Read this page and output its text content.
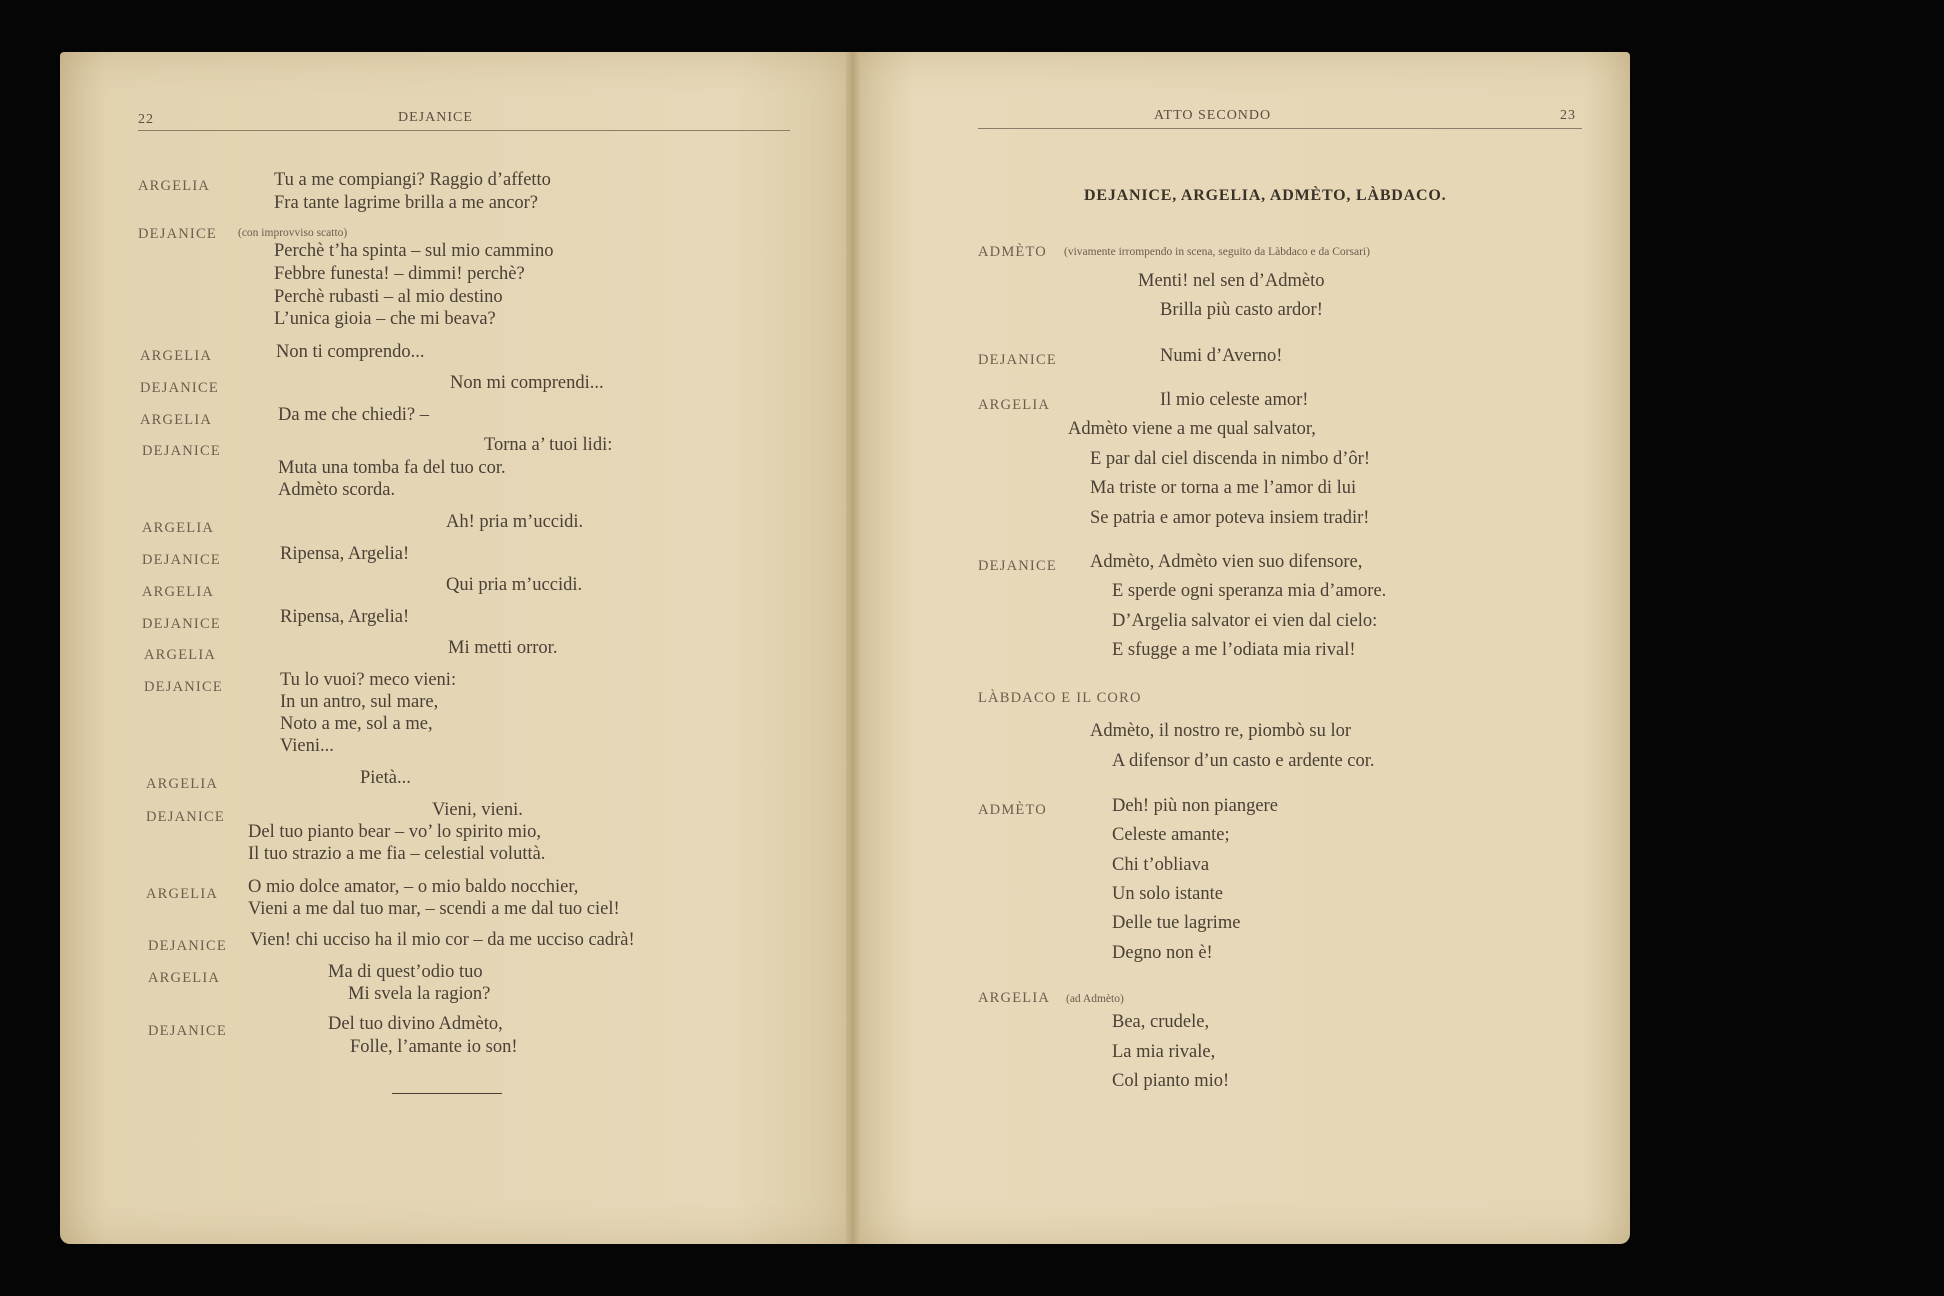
22	DEJANICE
ARGELIA	Tu a me compiangi? Raggio d’affetto
Fra tante lagrime brilla a me ancor?
DEJANICE (con improvviso scatto)
Perchè t’ha spinta – sul mio cammino
Febbre funesta! – dimmi! perchè?
Perchè rubasti – al mio destino
L’unica gioia – che mi beava?
ARGELIA	Non ti comprendo...
DEJANICE	Non mi comprendi...
ARGELIA	Da me che chiedi? –
DEJANICE	Torna a’ tuoi lidi:
Muta una tomba fa del tuo cor.
Admèto scorda.
ARGELIA	Ah! pria m’uccidi.
DEJANICE	Ripensa, Argelia!
ARGELIA	Qui pria m’uccidi.
DEJANICE	Ripensa, Argelia!
ARGELIA	Mi metti orror.
DEJANICE	Tu lo vuoi? meco vieni:
In un antro, sul mare,
Noto a me, sol a me,
Vieni...
ARGELIA	Pietà...
DEJANICE	Vieni, vieni.
Del tuo pianto bear – vo’ lo spirito mio,
Il tuo strazio a me fia – celestial voluttà.
ARGELIA O mio dolce amator, – o mio baldo nocchier,
Vieni a me dal tuo mar, – scendi a me dal tuo ciel!
DEJANICE Vien! chi ucciso ha il mio cor – da me ucciso cadrà!
ARGELIA	Ma di quest’odio tuo
Mi svela la ragion?
DEJANICE	Del tuo divino Admèto,
Folle, l’amante io son!
ATTO SECONDO	23
DEJANICE, ARGELIA, ADMÈTO, LÀBDACO.
ADMÈTO (vivamente irrompendo in scena, seguito da Làbdaco e da Corsari)
Menti! nel sen d’Admèto
Brilla più casto ardor!
DEJANICE	Numi d’Averno!
ARGELIA	Il mio celeste amor!
Admèto viene a me qual salvator,
E par dal ciel discenda in nimbo d’ôr!
Ma triste or torna a me l’amor di lui
Se patria e amor poteva insiem tradir!
DEJANICE Admèto, Admèto vien suo difensore,
E sperde ogni speranza mia d’amore.
D’Argelia salvator ei vien dal cielo:
E sfugge a me l’odiata mia rival!
LÀBDACO E IL CORO
Admèto, il nostro re, piombò su lor
A difensor d’un casto e ardente cor.
ADMÈTO	Deh! più non piangere
Celeste amante;
Chi t’obliava
Un solo istante
Delle tue lagrime
Degno non è!
ARGELIA (ad Admèto)
Bea, crudele,
La mia rivale,
Col pianto mio!
